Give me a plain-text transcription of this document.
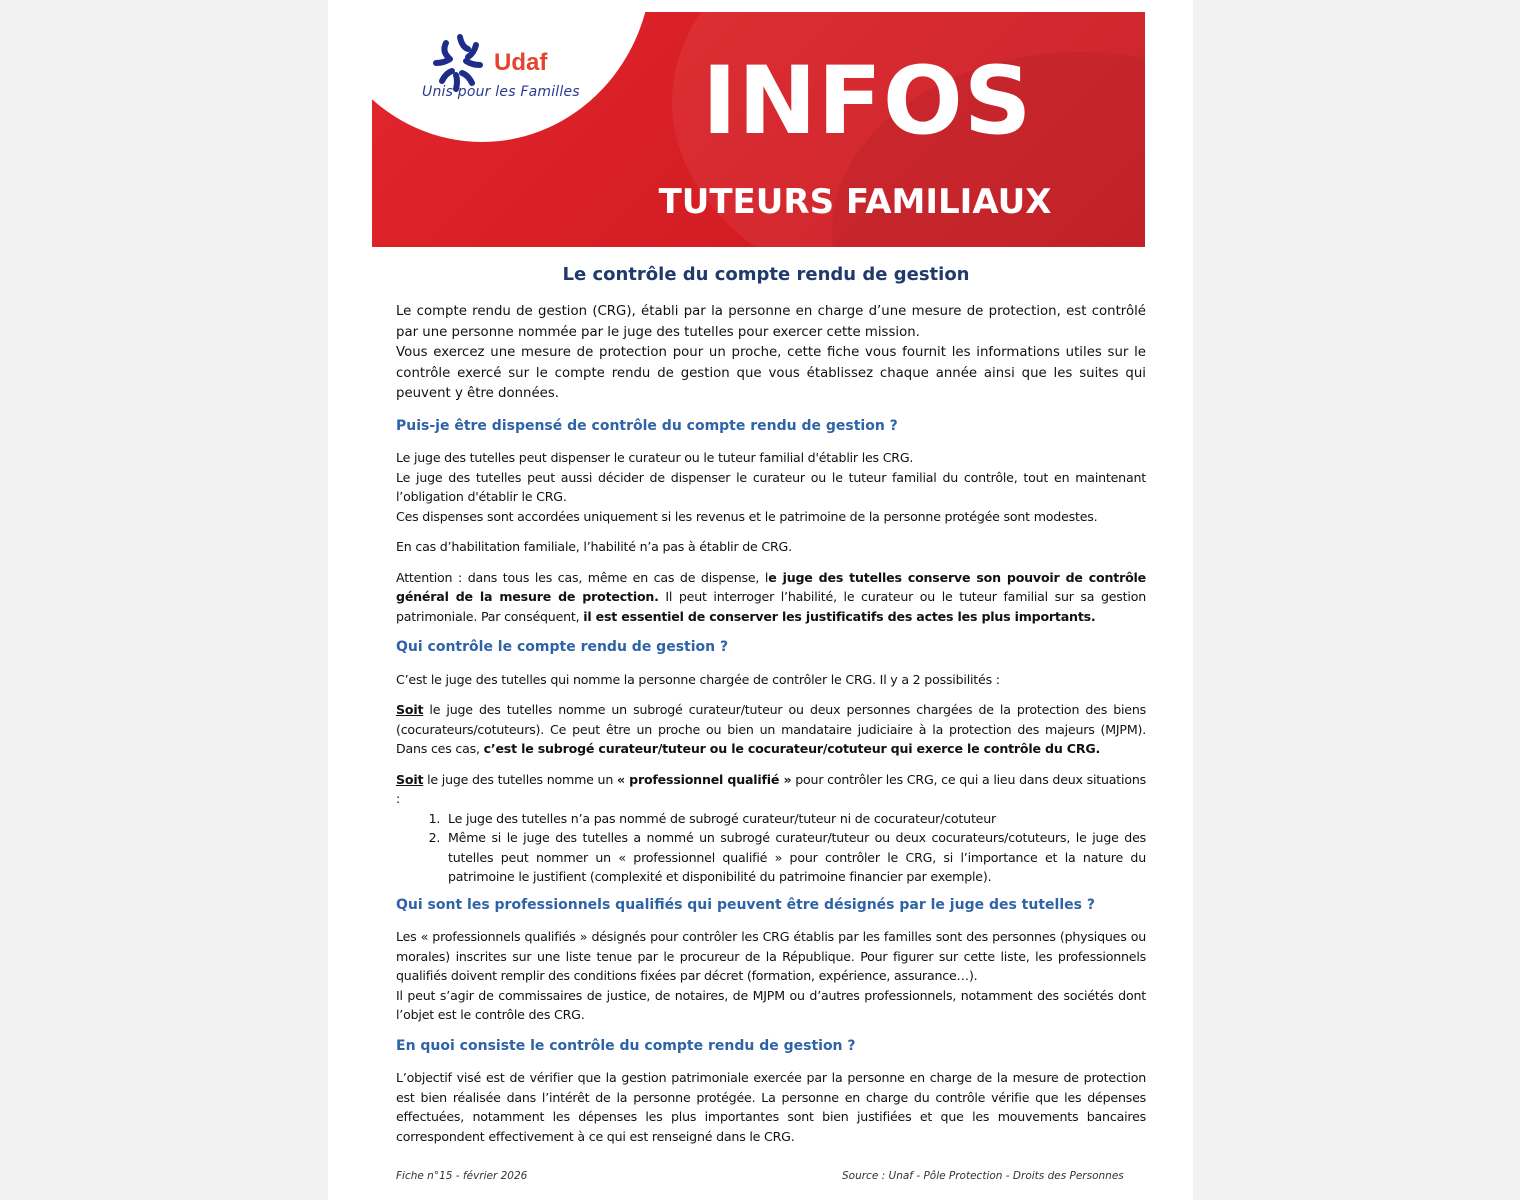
INFOS
TUTEURS FAMILIAUX
Udaf
Unis pour les Familles
Le contrôle du compte rendu de gestion

Le compte rendu de gestion (CRG), établi par la personne en charge d’une mesure de protection, est contrôlé par une personne nommée par le juge des tutelles pour exercer cette mission.

Vous exercez une mesure de protection pour un proche, cette fiche vous fournit les informations utiles sur le contrôle exercé sur le compte rendu de gestion que vous établissez chaque année ainsi que les suites qui peuvent y être données.

Puis-je être dispensé de contrôle du compte rendu de gestion ?

Le juge des tutelles peut dispenser le curateur ou le tuteur familial d'établir les CRG.

Le juge des tutelles peut aussi décider de dispenser le curateur ou le tuteur familial du contrôle, tout en maintenant l’obligation d'établir le CRG.

Ces dispenses sont accordées uniquement si les revenus et le patrimoine de la personne protégée sont modestes.

En cas d’habilitation familiale, l’habilité n’a pas à établir de CRG.

Attention : dans tous les cas, même en cas de dispense, le juge des tutelles conserve son pouvoir de contrôle général de la mesure de protection. Il peut interroger l’habilité, le curateur ou le tuteur familial sur sa gestion patrimoniale. Par conséquent, il est essentiel de conserver les justificatifs des actes les plus importants.

Qui contrôle le compte rendu de gestion ?

C’est le juge des tutelles qui nomme la personne chargée de contrôler le CRG. Il y a 2 possibilités :

Soit le juge des tutelles nomme un subrogé curateur/tuteur ou deux personnes chargées de la protection des biens (cocurateurs/cotuteurs). Ce peut être un proche ou bien un mandataire judiciaire à la protection des majeurs (MJPM). Dans ces cas, c’est le subrogé curateur/tuteur ou le cocurateur/cotuteur qui exerce le contrôle du CRG.

Soit le juge des tutelles nomme un « professionnel qualifié » pour contrôler les CRG, ce qui a lieu dans deux situations :

1. Le juge des tutelles n’a pas nommé de subrogé curateur/tuteur ni de cocurateur/cotuteur
2. Même si le juge des tutelles a nommé un subrogé curateur/tuteur ou deux cocurateurs/cotuteurs, le juge des tutelles peut nommer un « professionnel qualifié » pour contrôler le CRG, si l’importance et la nature du patrimoine le justifient (complexité et disponibilité du patrimoine financier par exemple).
Qui sont les professionnels qualifiés qui peuvent être désignés par le juge des tutelles ?

Les « professionnels qualifiés » désignés pour contrôler les CRG établis par les familles sont des personnes (physiques ou morales) inscrites sur une liste tenue par le procureur de la République. Pour figurer sur cette liste, les professionnels qualifiés doivent remplir des conditions fixées par décret (formation, expérience, assurance…).

Il peut s’agir de commissaires de justice, de notaires, de MJPM ou d’autres professionnels, notamment des sociétés dont l’objet est le contrôle des CRG.

En quoi consiste le contrôle du compte rendu de gestion ?

L’objectif visé est de vérifier que la gestion patrimoniale exercée par la personne en charge de la mesure de protection est bien réalisée dans l’intérêt de la personne protégée. La personne en charge du contrôle vérifie que les dépenses effectuées, notamment les dépenses les plus importantes sont bien justifiées et que les mouvements bancaires correspondent effectivement à ce qui est renseigné dans le CRG.

Fiche n°15 - février 2026	Source : Unaf - Pôle Protection - Droits des Personnes
